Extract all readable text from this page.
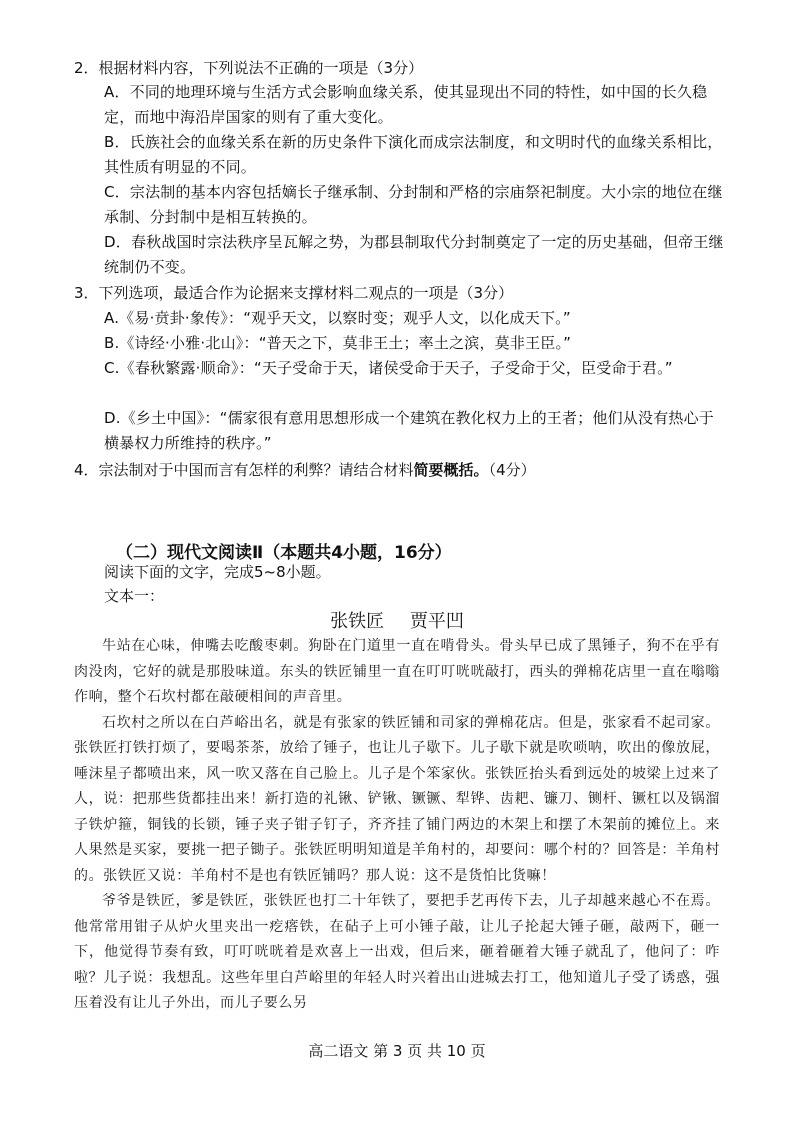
2．根据材料内容，下列说法不正确的一项是（3分）
A．不同的地理环境与生活方式会影响血缘关系，使其显现出不同的特性，如中国的长久稳定，而地中海沿岸国家的则有了重大变化。
B．氏族社会的血缘关系在新的历史条件下演化而成宗法制度，和文明时代的血缘关系相比，其性质有明显的不同。
C．宗法制的基本内容包括嫡长子继承制、分封制和严格的宗庙祭祀制度。大小宗的地位在继承制、分封制中是相互转换的。
D．春秋战国时宗法秩序呈瓦解之势，为郡县制取代分封制奠定了一定的历史基础，但帝王继统制仍不变。
3．下列选项，最适合作为论据来支撑材料二观点的一项是（3分）
A.《易·贲卦·象传》：“观乎天文，以察时变；观乎人文，以化成天下。”
B.《诗经·小雅·北山》：“普天之下，莫非王土；率土之滨，莫非王臣。”
C.《春秋繁露·顺命》：“天子受命于天，诸侯受命于天子，子受命于父，臣受命于君。”
D.《乡土中国》：“儒家很有意用思想形成一个建筑在教化权力上的王者；他们从没有热心于横暴权力所维持的秩序。”
4．宗法制对于中国而言有怎样的利弊？请结合材料简要概括。（4分）
（二）现代文阅读Ⅱ（本题共4小题，16分）
阅读下面的文字，完成5~8小题。
文本一：
张铁匠 贾平凹

牛站在心味，伸嘴去吃酸枣刺。狗卧在门道里一直在啃骨头。骨头早已成了黑锤子，狗不在乎有肉没肉，它好的就是那股味道。东头的铁匠铺里一直在叮叮咣咣敲打，西头的弹棉花店里一直在嗡嗡作响，整个石坎村都在敲硬相间的声音里。

石坎村之所以在白芦峪出名，就是有张家的铁匠铺和司家的弹棉花店。但是，张家看不起司家。张铁匠打铁打烦了，要喝茶茶，放给了锤子，也让儿子歇下。儿子歇下就是吹唢呐，吹出的像放屁，唾沫星子都喷出来，风一吹又落在自己脸上。儿子是个笨家伙。张铁匠抬头看到远处的坡梁上过来了人，说：把那些货都挂出来！新打造的礼锹、铲锹、镢镢、犁铧、齿耙、镰刀、铡杆、镢杠以及锅溜子铁炉箍，铜钱的长锁，锤子夹子钳子钉子，齐齐挂了铺门两边的木架上和摆了木架前的摊位上。来人果然是买家，要挑一把子锄子。张铁匠明明知道是羊角村的，却要问：哪个村的？回答是：羊角村的。张铁匠又说：羊角村不是也有铁匠铺吗？那人说：这不是货怕比货嘛！

爷爷是铁匠，爹是铁匠，张铁匠也打二十年铁了，要把手艺再传下去，儿子却越来越心不在焉。他常常用钳子从炉火里夹出一疙瘩铁，在砧子上可小锤子敲，让儿子抡起大锤子砸，敲两下，砸一下，他觉得节奏有致，叮叮咣咣着是欢喜上一出戏，但后来，砸着砸着大锤子就乱了，他问了：咋啦？儿子说：我想乱。这些年里白芦峪里的年轻人时兴着出山进城去打工，他知道儿子受了诱惑，强压着没有让儿子外出，而儿子要么另

高二语文 第 3 页 共 10 页
